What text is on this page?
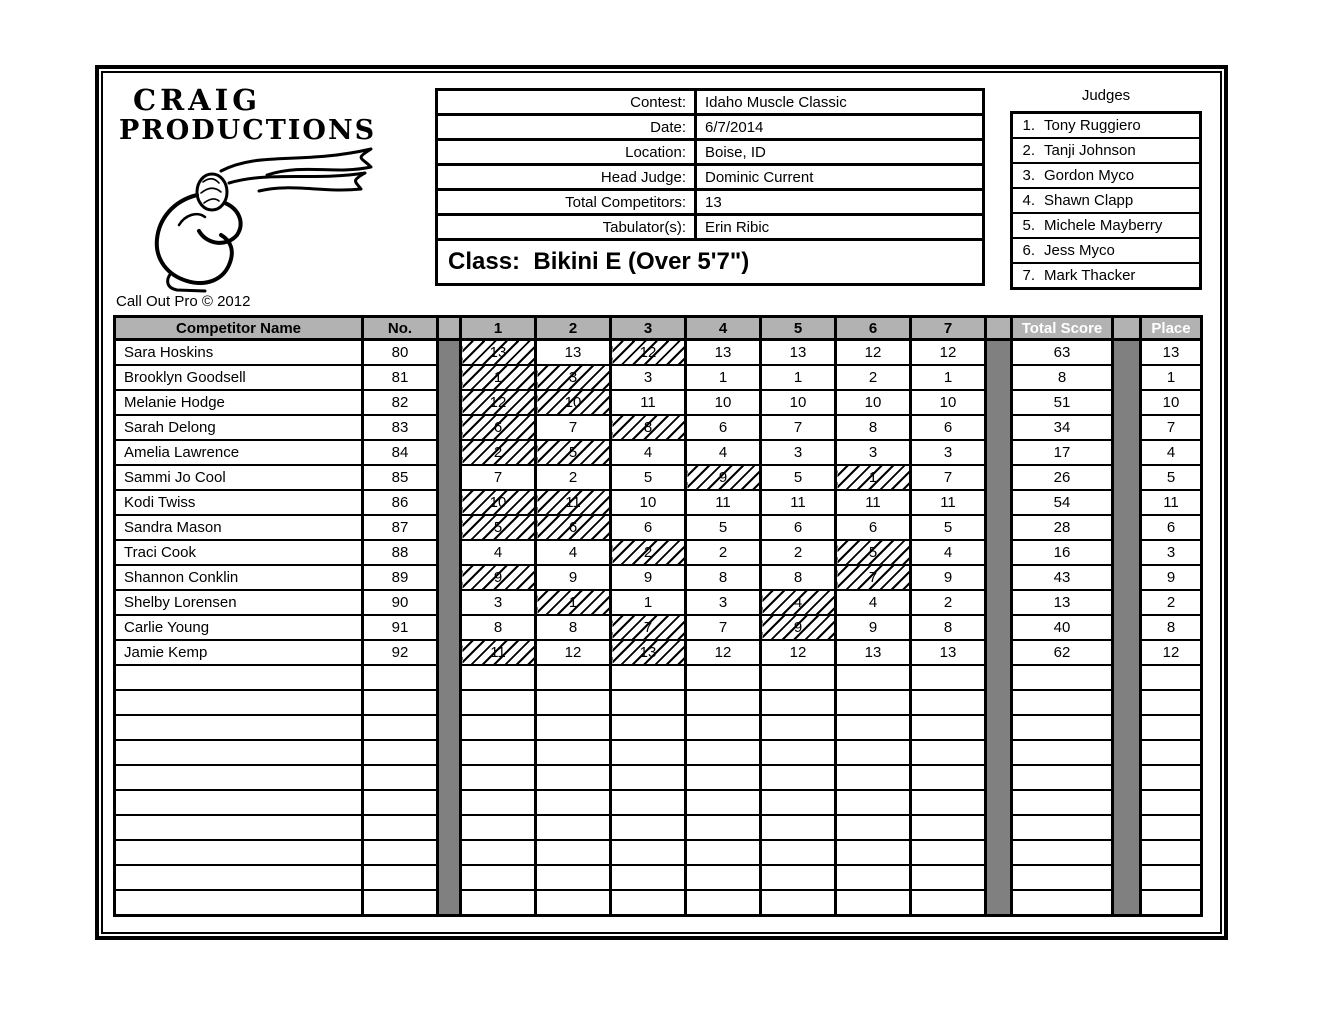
CRAIG
PRODUCTIONS
Call Out Pro © 2012
Contest:	Idaho Muscle Classic
Date:	6/7/2014
Location:	Boise, ID
Head Judge:	Dominic Current
Total Competitors:	13
Tabulator(s):	Erin Ribic
Class:  Bikini E (Over 5'7")	
Judges
1. Tony Ruggiero
2. Tanji Johnson
3. Gordon Myco
4. Shawn Clapp
5. Michele Mayberry
6. Jess Myco
7. Mark Thacker
Competitor Name	No.		1	2	3	4	5	6	7		Total Score		Place
Sara Hoskins	80		13	13	12	13	13	12	12		63		13
Brooklyn Goodsell	81		1	3	3	1	1	2	1		8		1
Melanie Hodge	82		12	10	11	10	10	10	10		51		10
Sarah Delong	83		6	7	8	6	7	8	6		34		7
Amelia Lawrence	84		2	5	4	4	3	3	3		17		4
Sammi Jo Cool	85		7	2	5	9	5	1	7		26		5
Kodi Twiss	86		10	11	10	11	11	11	11		54		11
Sandra Mason	87		5	6	6	5	6	6	5		28		6
Traci Cook	88		4	4	2	2	2	5	4		16		3
Shannon Conklin	89		9	9	9	8	8	7	9		43		9
Shelby Lorensen	90		3	1	1	3	4	4	2		13		2
Carlie Young	91		8	8	7	7	9	9	8		40		8
Jamie Kemp	92		11	12	13	12	12	13	13		62		12
